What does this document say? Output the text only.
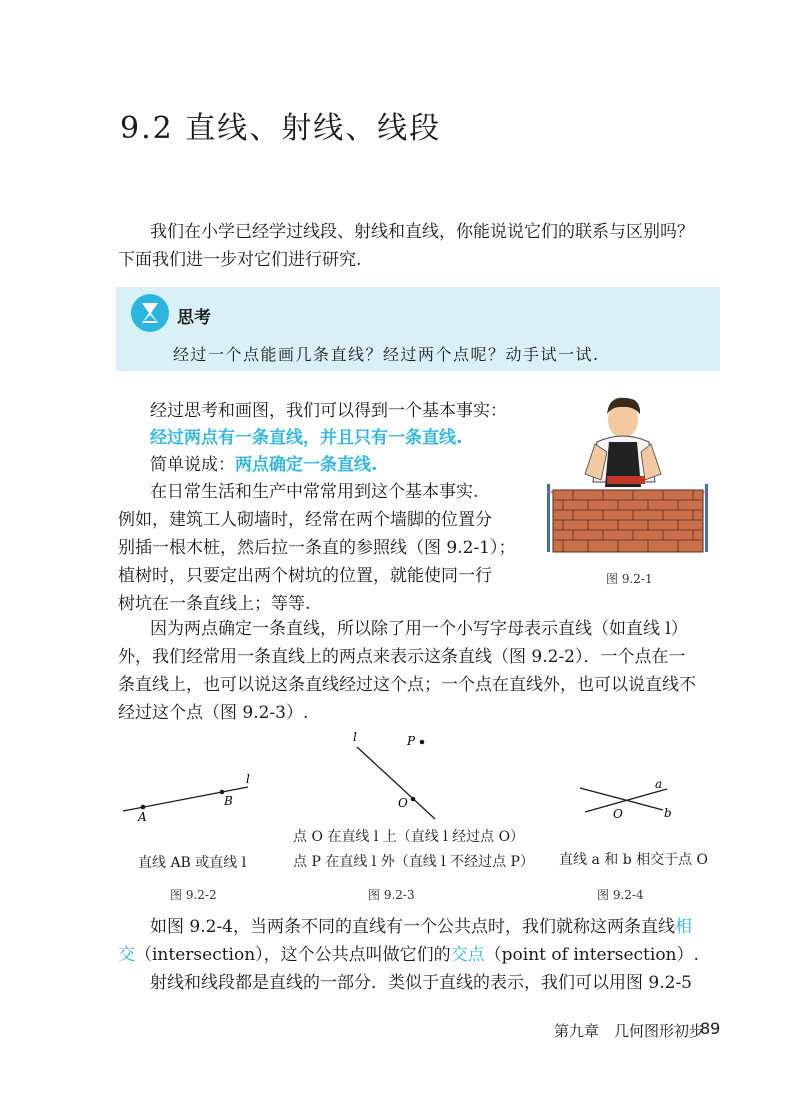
9.2 直线、射线、线段
我们在小学已经学过线段、射线和直线，你能说说它们的联系与区别吗？
下面我们进一步对它们进行研究.
思考
经过一个点能画几条直线？经过两个点呢？动手试一试.
经过思考和画图，我们可以得到一个基本事实：
经过两点有一条直线，并且只有一条直线.
简单说成：两点确定一条直线.
在日常生活和生产中常常用到这个基本事实.
例如，建筑工人砌墙时，经常在两个墙脚的位置分
别插一根木桩，然后拉一条直的参照线（图 9.2-1）；
植树时，只要定出两个树坑的位置，就能使同一行
树坑在一条直线上；等等.
图 9.2-1
因为两点确定一条直线，所以除了用一个小写字母表示直线（如直线 l）
外，我们经常用一条直线上的两点来表示这条直线（图 9.2-2）．一个点在一
条直线上，也可以说这条直线经过这个点；一个点在直线外，也可以说直线不
经过这个点（图 9.2-3）.
A
B
l
直线 AB 或直线 l
图 9.2-2
l	P
O
点 O 在直线 l 上（直线 l 经过点 O）
点 P 在直线 l 外（直线 l 不经过点 P）
图 9.2-3
a
b
O
直线 a 和 b 相交于点 O
图 9.2-4
如图 9.2-4，当两条不同的直线有一个公共点时，我们就称这两条直线相
交（intersection），这个公共点叫做它们的交点（point of intersection）.
射线和线段都是直线的一部分．类似于直线的表示，我们可以用图 9.2-5
第九章　几何图形初步
89
